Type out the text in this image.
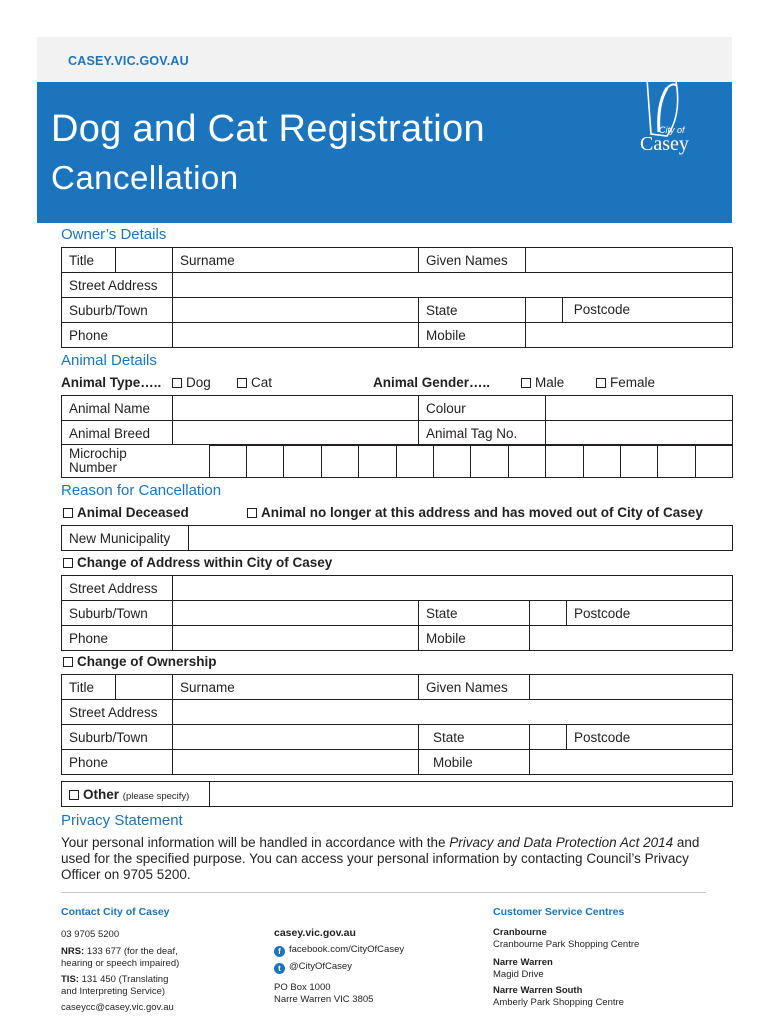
CASEY.VIC.GOV.AU
Dog and Cat Registration
Cancellation
City of
Casey
Owner’s Details
Title		Surname	Given Names	
Street Address				
Suburb/Town			State	Postcode
Phone			Mobile	
Animal Details
Animal Type…..	Dog	Cat	Animal Gender…..	Male	Female
Animal Name		Colour	
Animal Breed		Animal Tag No.	
Microchip
Number

Reason for Cancellation
Animal Deceased	Animal no longer at this address and has moved out of City of Casey
New Municipality	
Change of Address within City of Casey
Street Address				
Suburb/Town		State		Postcode
Phone		Mobile		
Change of Ownership
Title		Surname	Given Names		
Street Address					
Suburb/Town			State		Postcode
Phone			Mobile		
Other (please specify)	
Privacy Statement
Your personal information will be handled in accordance with the Privacy and Data Protection Act 2014 and used for the specified purpose. You can access your personal information by contacting Council’s Privacy Officer on 9705 5200.
Contact City of Casey
03 9705 5200
NRS: 133 677 (for the deaf,
hearing or speech impaired)
TIS: 131 450 (Translating
and Interpreting Service)
caseycc@casey.vic.gov.au
casey.vic.gov.au
f facebook.com/CityOfCasey
t @CityOfCasey
PO Box 1000
Narre Warren VIC 3805
Customer Service Centres
Cranbourne
Cranbourne Park Shopping Centre
Narre Warren
Magid Drive
Narre Warren South
Amberly Park Shopping Centre
